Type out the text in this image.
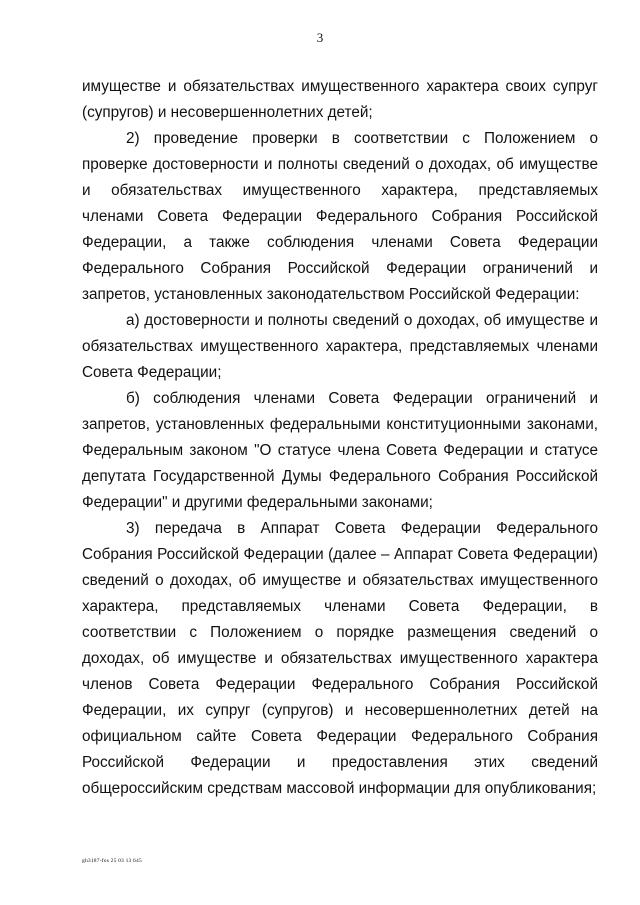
3

имуществе и обязательствах имущественного характера своих супруг (супругов) и несовершеннолетних детей;

2) проведение проверки в соответствии с Положением о проверке достоверности и полноты сведений о доходах, об имуществе и обязательствах имущественного характера, представляемых членами Совета Федерации Федерального Собрания Российской Федерации, а также соблюдения членами Совета Федерации Федерального Собрания Российской Федерации ограничений и запретов, установленных законодательством Российской Федерации:

а) достоверности и полноты сведений о доходах, об имуществе и обязательствах имущественного характера, представляемых членами Совета Федерации;

б) соблюдения членами Совета Федерации ограничений и запретов, установленных федеральными конституционными законами, Федеральным законом "О статусе члена Совета Федерации и статусе депутата Государственной Думы Федерального Собрания Российской Федерации" и другими федеральными законами;

3) передача в Аппарат Совета Федерации Федерального Собрания Российской Федерации (далее – Аппарат Совета Федерации) сведений о доходах, об имуществе и обязательствах имущественного характера, представляемых членами Совета Федерации, в соответствии с Положением о порядке размещения сведений о доходах, об имуществе и обязательствах имущественного характера членов Совета Федерации Федерального Собрания Российской Федерации, их супруг (супругов) и несовершеннолетних детей на официальном сайте Совета Федерации Федерального Собрания Российской Федерации и предоставления этих сведений общероссийским средствам массовой информации для опубликования;

gh3187-fos 25 03 13 645
